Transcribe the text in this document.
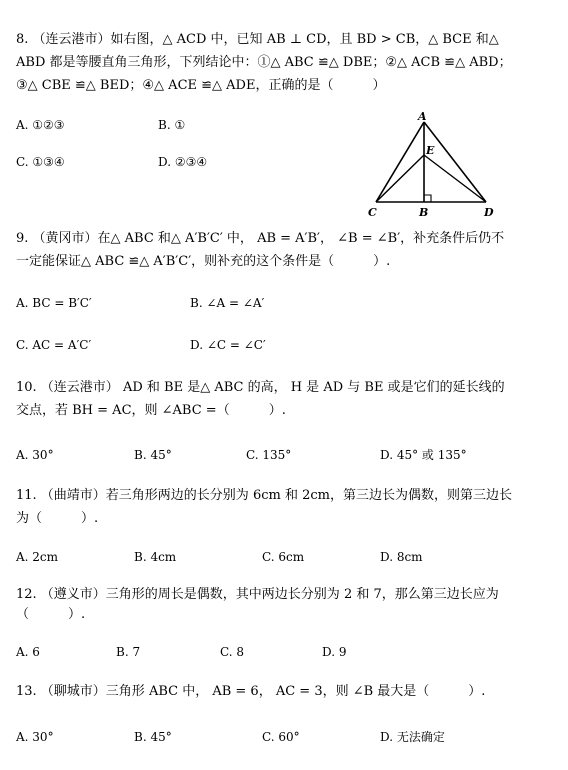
8. （连云港市）如右图，△ ACD 中，已知 AB ⊥ CD，且 BD > CB，△ BCE 和△
ABD 都是等腰直角三角形，下列结论中：①△ ABC ≌△ DBE；②△ ACB ≌△ ABD；
③△ CBE ≌△ BED；④△ ACE ≌△ ADE，正确的是（　　　）
A. ①②③	B. ①
C. ①③④	D. ②③④
A
E
C	B	D
9. （黄冈市）在△ ABC 和△ A′B′C′ 中， AB = A′B′， ∠B = ∠B′，补充条件后仍不
一定能保证△ ABC ≌△ A′B′C′，则补充的这个条件是（　　　）.
A. BC = B′C′	B. ∠A = ∠A′
C. AC = A′C′	D. ∠C = ∠C′
10. （连云港市） AD 和 BE 是△ ABC 的高， H 是 AD 与 BE 或是它们的延长线的
交点，若 BH = AC，则 ∠ABC =（　　　）.
A. 30°	B. 45°	C. 135°	D. 45° 或 135°
11. （曲靖市）若三角形两边的长分别为 6cm 和 2cm，第三边长为偶数，则第三边长
为（　　　）.
A. 2cm	B. 4cm	C. 6cm	D. 8cm
12. （遵义市）三角形的周长是偶数，其中两边长分别为 2 和 7，那么第三边长应为
（　　　）.
A. 6	B. 7	C. 8	D. 9
13. （聊城市）三角形 ABC 中， AB = 6， AC = 3，则 ∠B 最大是（　　　）.
A. 30°	B. 45°	C. 60°	D. 无法确定
